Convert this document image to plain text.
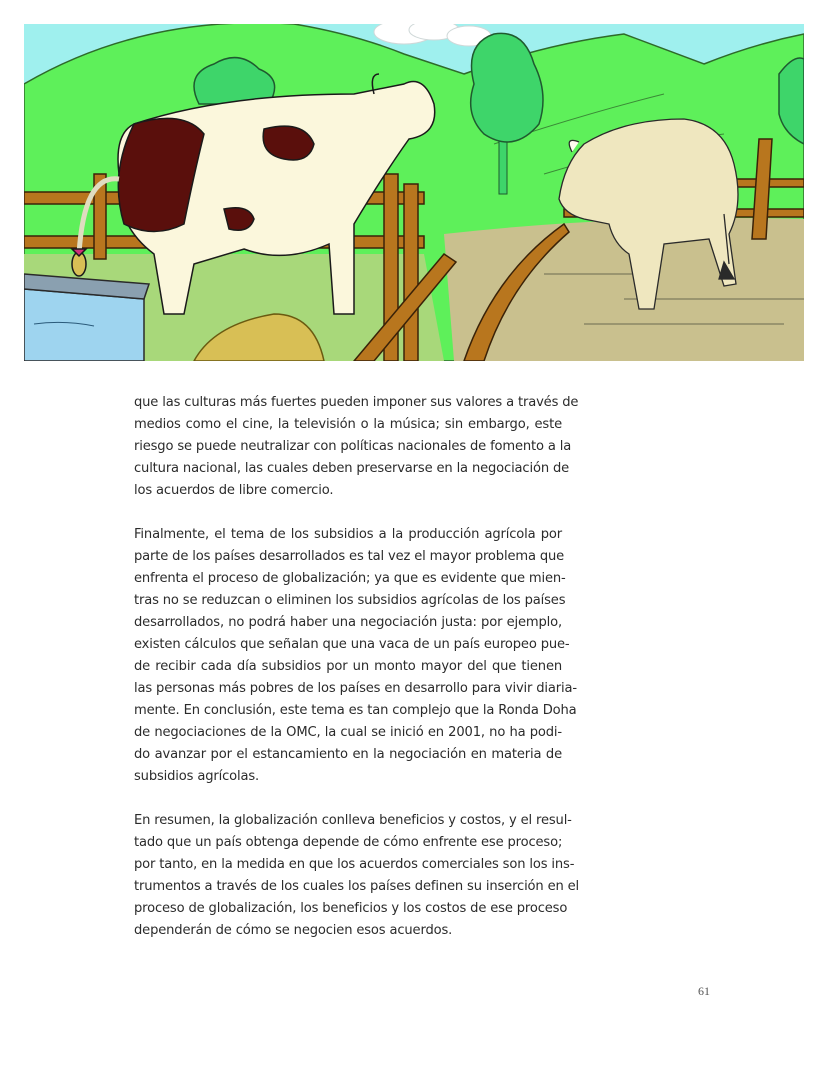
que las culturas más fuertes pueden imponer sus valores a través de
medios como el cine, la televisión o la música; sin embargo, este
riesgo se puede neutralizar con políticas nacionales de fomento a la
cultura nacional, las cuales deben preservarse en la negociación de
los acuerdos de libre comercio.

Finalmente, el tema de los subsidios a la producción agrícola por
parte de los países desarrollados es tal vez el mayor problema que
enfrenta el proceso de globalización; ya que es evidente que mien-
tras no se reduzcan o eliminen los subsidios agrícolas de los países
desarrollados, no podrá haber una negociación justa: por ejemplo,
existen cálculos que señalan que una vaca de un país europeo pue-
de recibir cada día subsidios por un monto mayor del que tienen
las personas más pobres de los países en desarrollo para vivir diaria-
mente. En conclusión, este tema es tan complejo que la Ronda Doha
de negociaciones de la OMC, la cual se inició en 2001, no ha podi-
do avanzar por el estancamiento en la negociación en materia de
subsidios agrícolas.

En resumen, la globalización conlleva beneficios y costos, y el resul-
tado que un país obtenga depende de cómo enfrente ese proceso;
por tanto, en la medida en que los acuerdos comerciales son los ins-
trumentos a través de los cuales los países definen su inserción en el
proceso de globalización, los beneficios y los costos de ese proceso
dependerán de cómo se negocien esos acuerdos.

61
